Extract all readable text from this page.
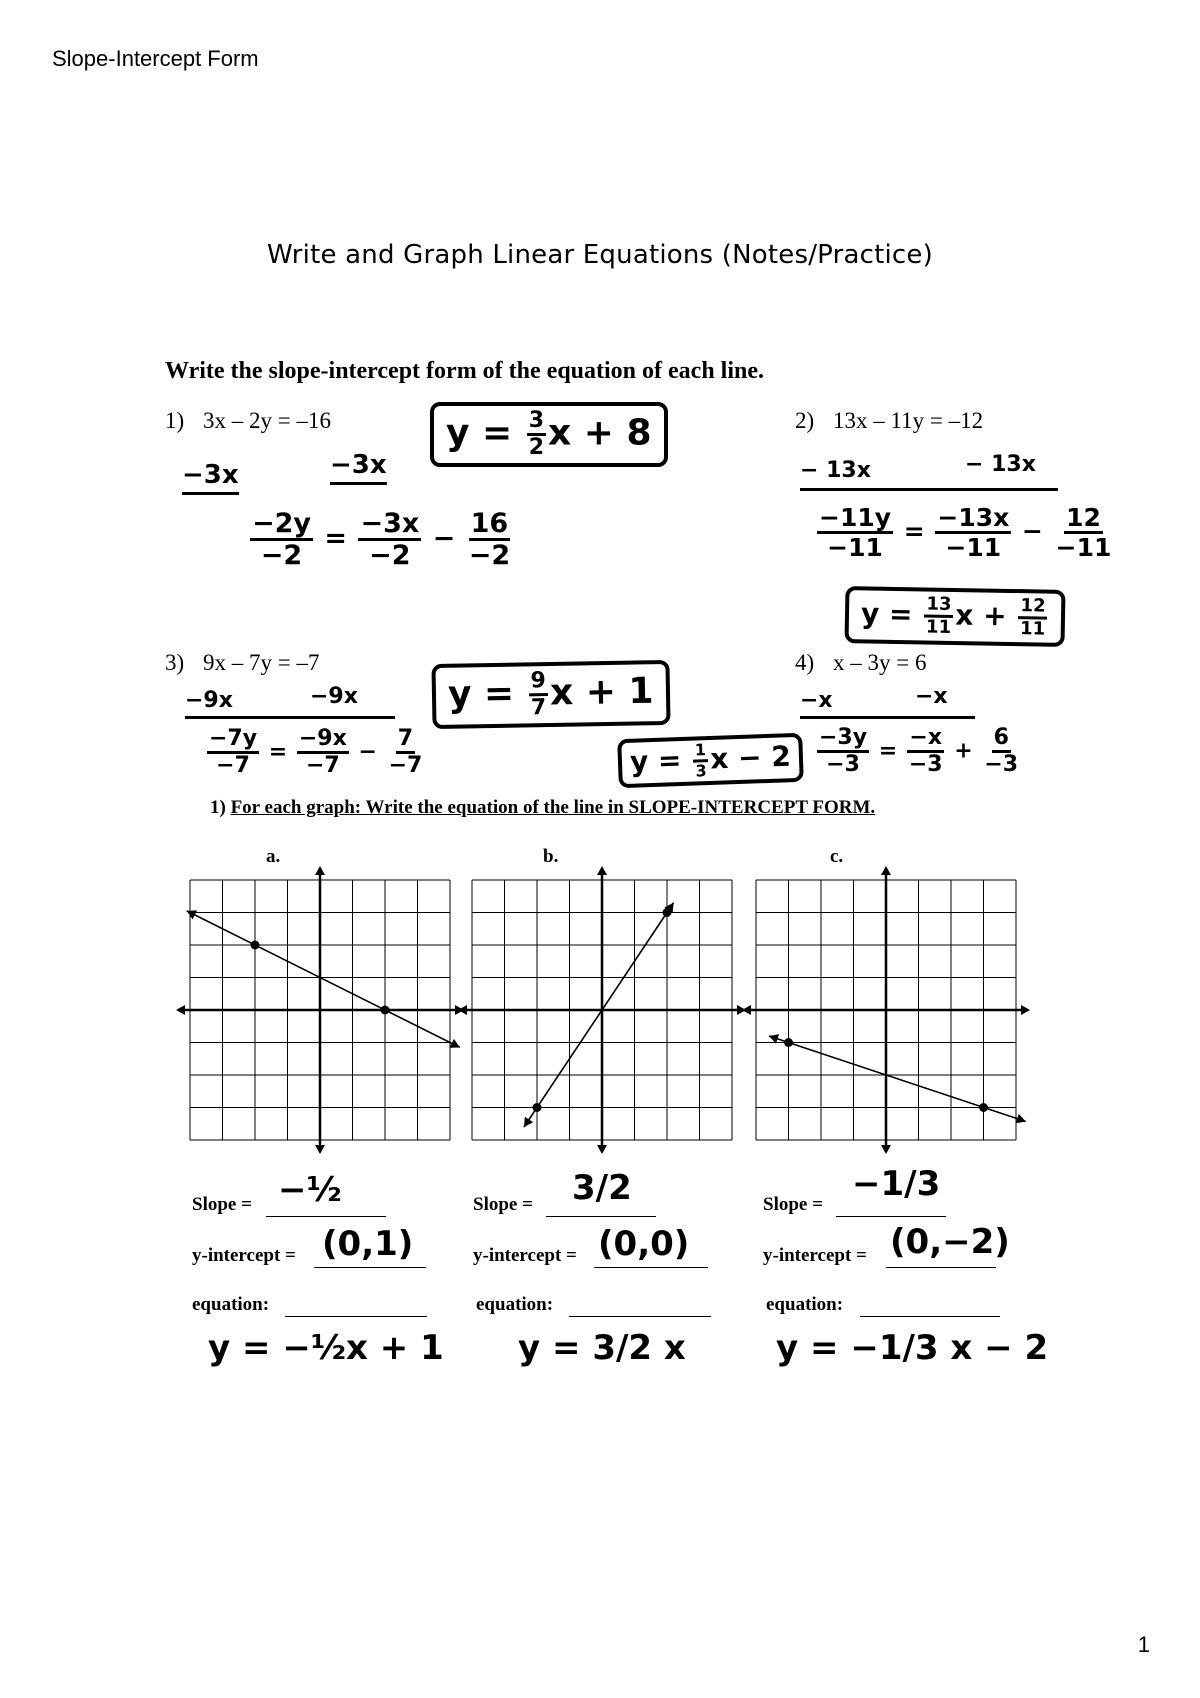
Slope-Intercept Form
1
Write and Graph Linear Equations (Notes/Practice)
Write the slope-intercept form of the equation of each line.
1) 3x – 2y = –16
−3x	−3x
$\frac{-2y}{-2} = \frac{-3x}{-2} - \frac{16}{-2}$
$y = \frac{3}{2}$ x + 8	2) 13x – 11y = –12
− 13x	− 13x
$\frac{-11y}{-11} = \frac{-13x}{-11} - \frac{12}{-11}$
$y = \frac{13}{11}$ $x + \frac{12}{11}$
3) 9x – 7y = –7
−9x	−9x
$\frac{-7y}{-7} = \frac{-9x}{-7} - \frac{7}{-7}$
$y = \frac{9}{7}$ x + 1
4) x – 3y = 6
−x	−x
$\frac{-3y}{-3} = \frac{-x}{-3} + \frac{6}{-3}$
$y = \frac{1}{3}$ x − 2
1) For each graph: Write the equation of the line in SLOPE-INTERCEPT FORM.
a.	b.	c.
Slope = −½
y-intercept = (0,1)
equation:
y = −½x + 1
Slope = 3/2
y-intercept = (0,0)
equation:
y = 3/2 x
Slope =
−1/3
y-intercept = (0,−2)
equation:
y = −1/3 x − 2
